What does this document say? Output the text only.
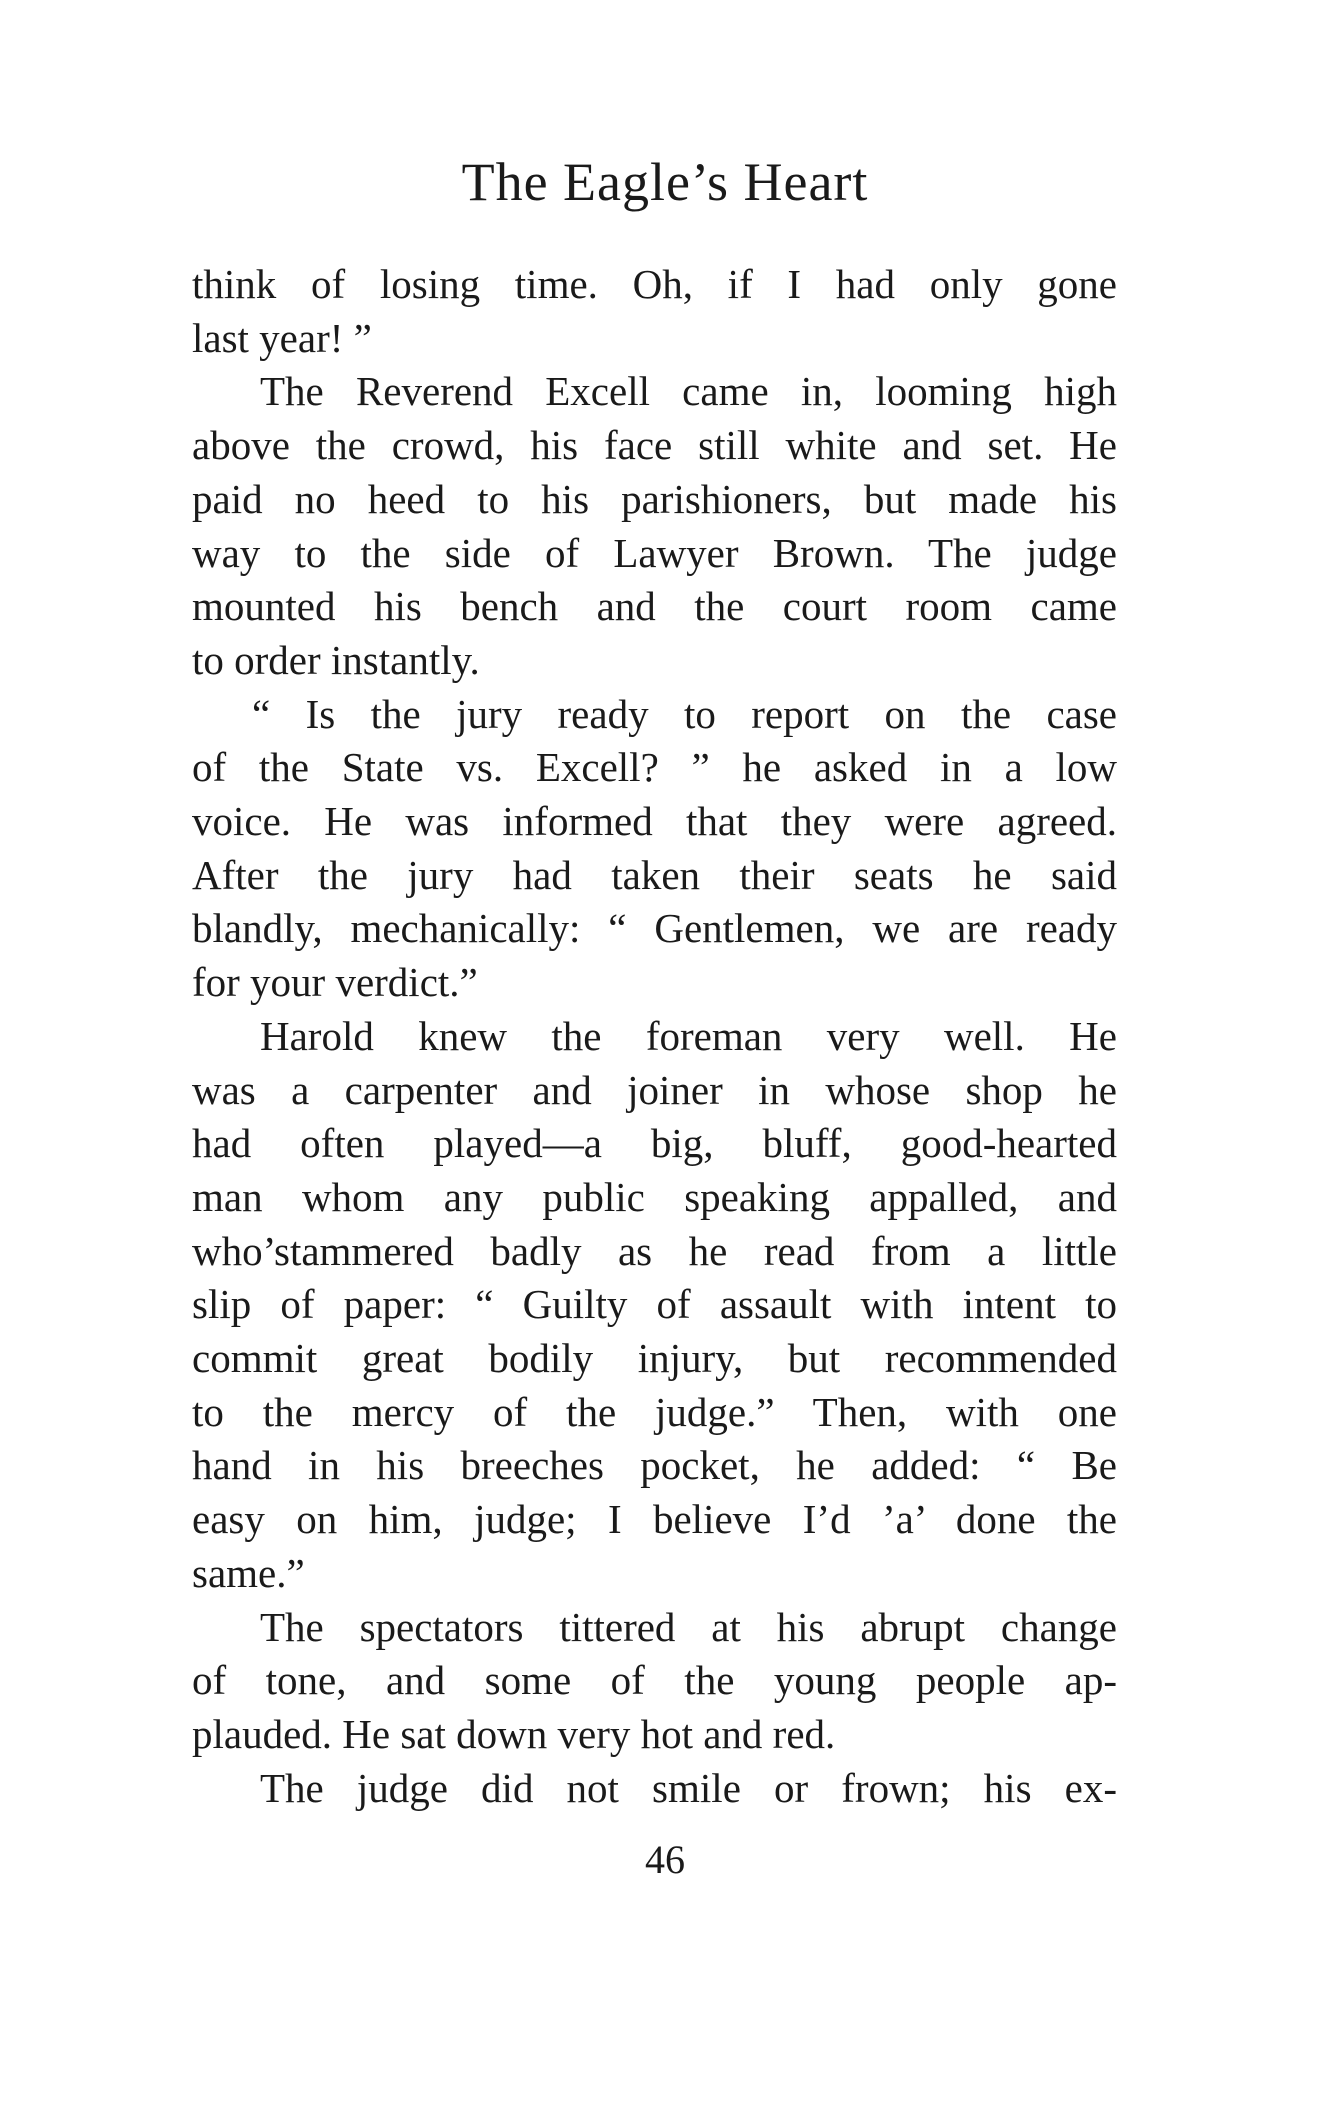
The Eagle’s Heart
think of losing time. Oh, if I had only gone
last year! ”
The Reverend Excell came in, looming high
above the crowd, his face still white and set. He
paid no heed to his parishioners, but made his
way to the side of Lawyer Brown. The judge
mounted his bench and the court room came
to order instantly.
“ Is the jury ready to report on the case
of the State vs. Excell? ” he asked in a low
voice. He was informed that they were agreed.
After the jury had taken their seats he said
blandly, mechanically: “ Gentlemen, we are ready
for your verdict.”
Harold knew the foreman very well. He
was a carpenter and joiner in whose shop he
had often played—a big, bluff, good-hearted
man whom any public speaking appalled, and
who’stammered badly as he read from a little
slip of paper: “ Guilty of assault with intent to
commit great bodily injury, but recommended
to the mercy of the judge.” Then, with one
hand in his breeches pocket, he added: “ Be
easy on him, judge; I believe I’d ’a’ done the
same.”
The spectators tittered at his abrupt change
of tone, and some of the young people ap-
plauded. He sat down very hot and red.
The judge did not smile or frown; his ex-
46
